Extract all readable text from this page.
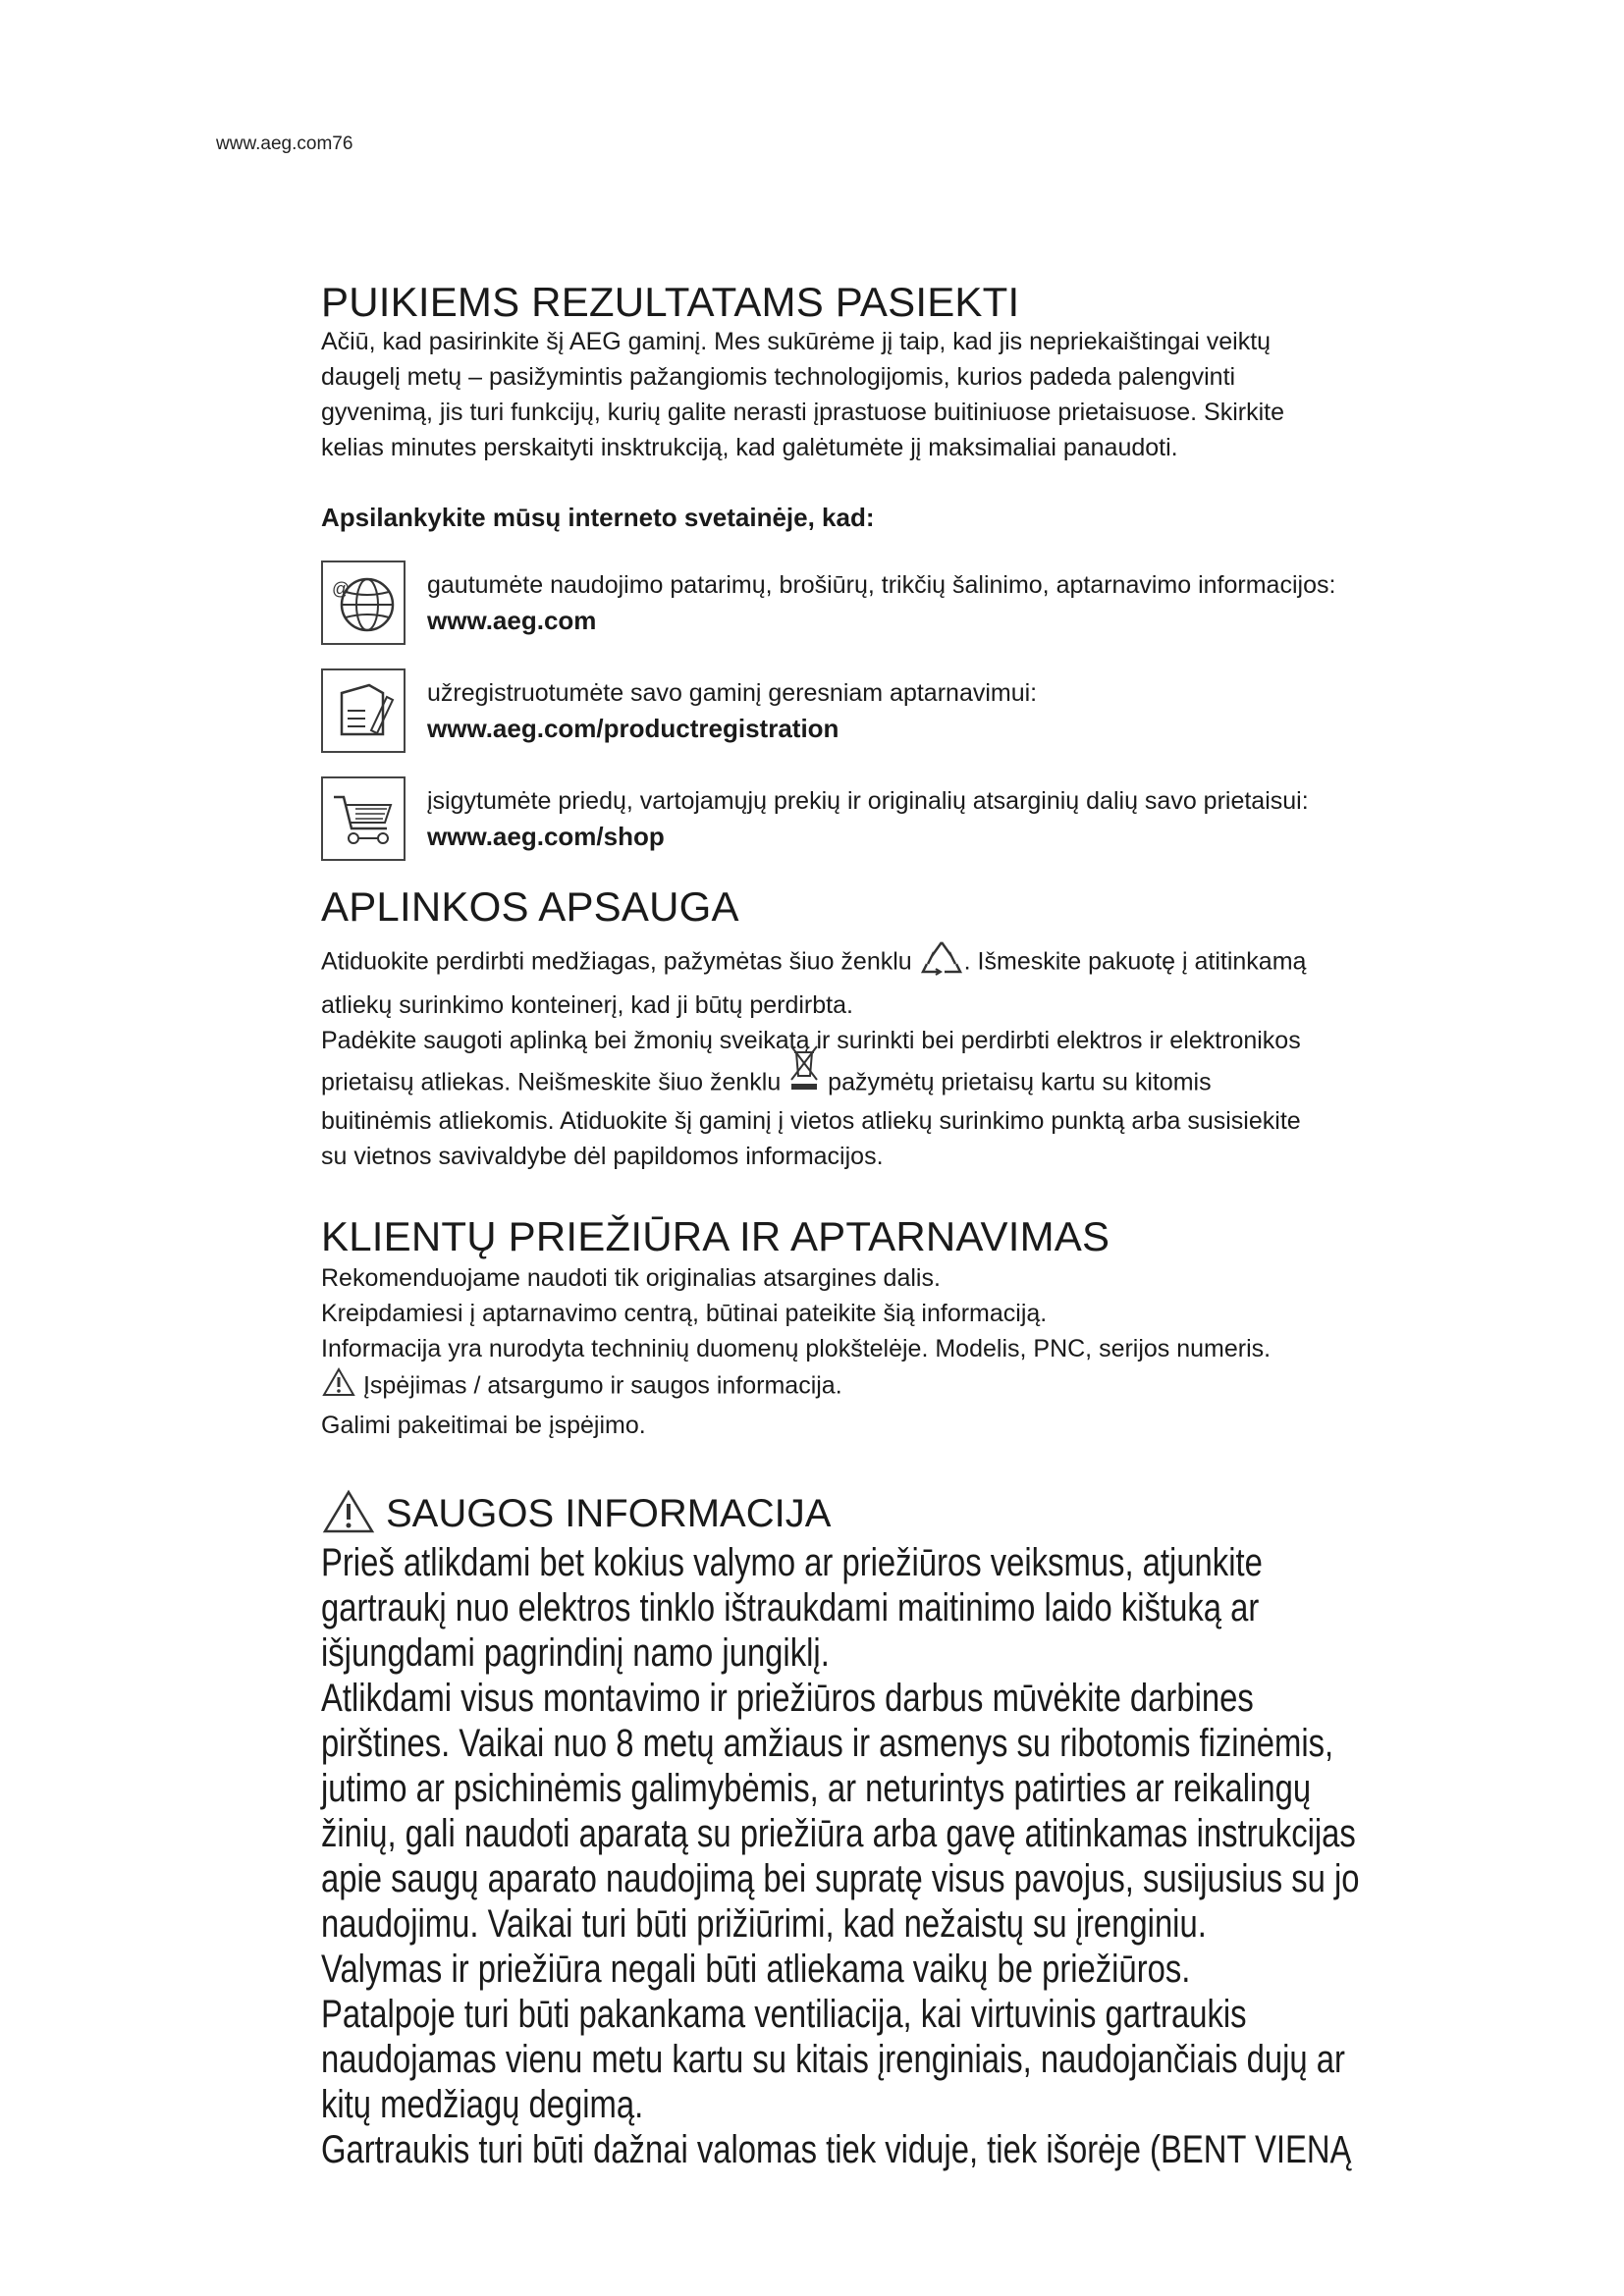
www.aeg.com76
PUIKIEMS REZULTATAMS PASIEKTI

Ačiū, kad pasirinkite šį AEG gaminį. Mes sukūrėme jį taip, kad jis nepriekaištingai veiktų

daugelį metų – pasižymintis pažangiomis technologijomis, kurios padeda palengvinti

gyvenimą, jis turi funkcijų, kurių galite nerasti įprastuose buitiniuose prietaisuose. Skirkite

kelias minutes perskaityti insktrukciją, kad galėtumėte jį maksimaliai panaudoti.

Apsilankykite mūsų interneto svetainėje, kad:
@	gautumėte naudojimo patarimų, brošiūrų, trikčių šalinimo, aptarnavimo informacijos:
www.aeg.com
užregistruotumėte savo gaminį geresniam aptarnavimui:
www.aeg.com/productregistration
įsigytumėte priedų, vartojamųjų prekių ir originalių atsarginių dalių savo prietaisui:
www.aeg.com/shop
APLINKOS APSAUGA

Atiduokite perdirbti medžiagas, pažymėtas šiuo ženklu . Išmeskite pakuotę į atitinkamą

atliekų surinkimo konteinerį, kad ji būtų perdirbta.

Padėkite saugoti aplinką bei žmonių sveikatą ir surinkti bei perdirbti elektros ir elektronikos

prietaisų atliekas. Neišmeskite šiuo ženklu pažymėtų prietaisų kartu su kitomis

buitinėmis atliekomis. Atiduokite šį gaminį į vietos atliekų surinkimo punktą arba susisiekite

su vietnos savivaldybe dėl papildomos informacijos.

KLIENTŲ PRIEŽIŪRA IR APTARNAVIMAS

Rekomenduojame naudoti tik originalias atsargines dalis.

Kreipdamiesi į aptarnavimo centrą, būtinai pateikite šią informaciją.

Informacija yra nurodyta techninių duomenų plokštelėje. Modelis, PNC, serijos numeris.

Įspėjimas / atsargumo ir saugos informacija.

Galimi pakeitimai be įspėjimo.

SAUGOS INFORMACIJA
Prieš atlikdami bet kokius valymo ar priežiūros veiksmus, atjunkite
gartraukį nuo elektros tinklo ištraukdami maitinimo laido kištuką ar
išjungdami pagrindinį namo jungiklį.
Atlikdami visus montavimo ir priežiūros darbus mūvėkite darbines
pirštines. Vaikai nuo 8 metų amžiaus ir asmenys su ribotomis fizinėmis,
jutimo ar psichinėmis galimybėmis, ar neturintys patirties ar reikalingų
žinių, gali naudoti aparatą su priežiūra arba gavę atitinkamas instrukcijas
apie saugų aparato naudojimą bei supratę visus pavojus, susijusius su jo
naudojimu. Vaikai turi būti prižiūrimi, kad nežaistų su įrenginiu.
Valymas ir priežiūra negali būti atliekama vaikų be priežiūros.
Patalpoje turi būti pakankama ventiliacija, kai virtuvinis gartraukis
naudojamas vienu metu kartu su kitais įrenginiais, naudojančiais dujų ar
kitų medžiagų degimą.
Gartraukis turi būti dažnai valomas tiek viduje, tiek išorėje (BENT VIENĄ
